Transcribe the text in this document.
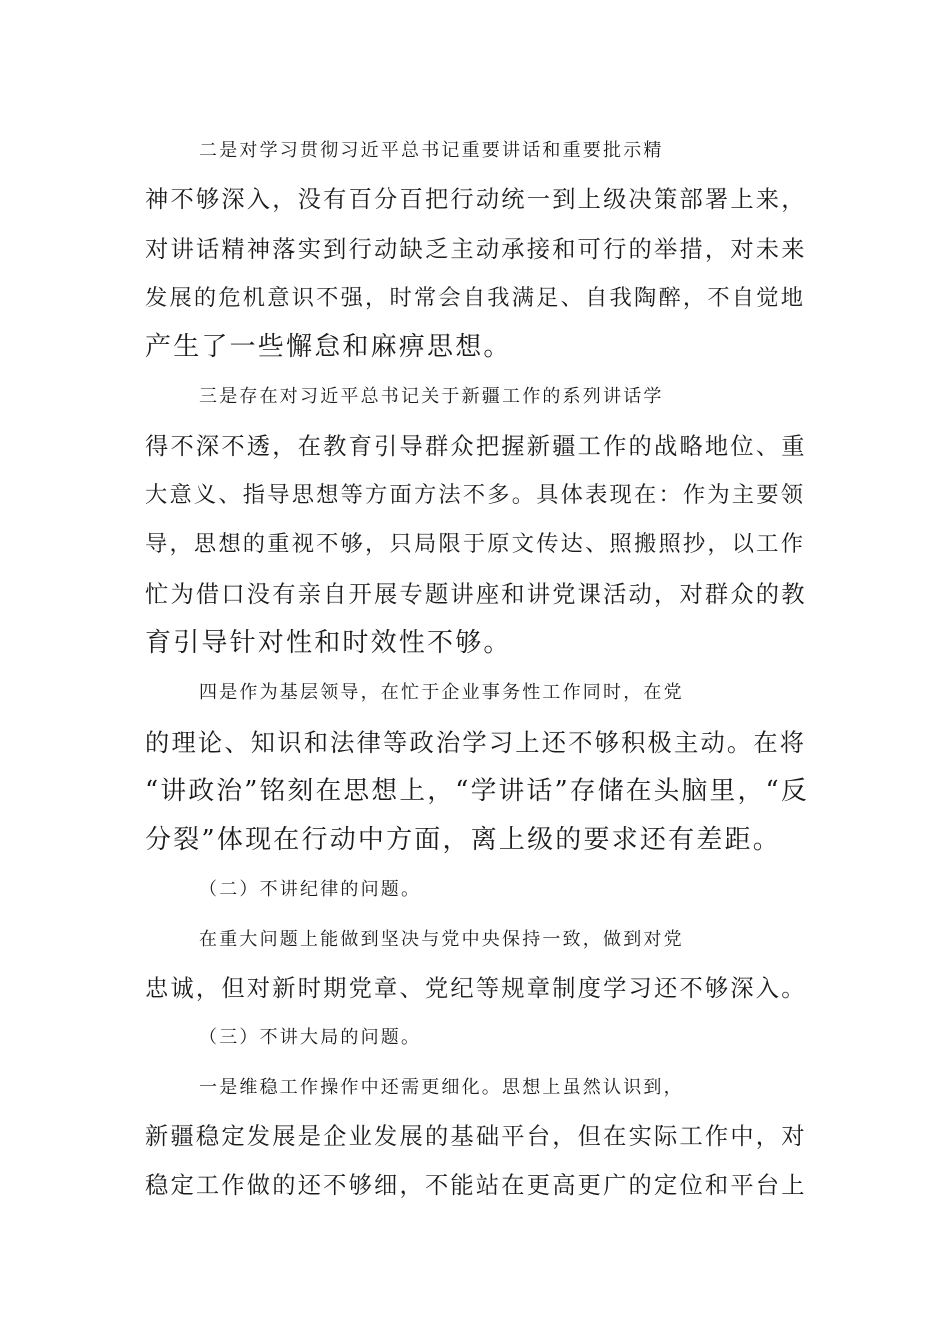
二是对学习贯彻习近平总书记重要讲话和重要批示精
神不够深入，没有百分百把行动统一到上级决策部署上来，
对讲话精神落实到行动缺乏主动承接和可行的举措，对未来
发展的危机意识不强，时常会自我满足、自我陶醉，不自觉地
产生了一些懈怠和麻痹思想。

三是存在对习近平总书记关于新疆工作的系列讲话学
得不深不透，在教育引导群众把握新疆工作的战略地位、重
大意义、指导思想等方面方法不多。具体表现在：作为主要领
导，思想的重视不够，只局限于原文传达、照搬照抄，以工作
忙为借口没有亲自开展专题讲座和讲党课活动，对群众的教
育引导针对性和时效性不够。

四是作为基层领导，在忙于企业事务性工作同时，在党
的理论、知识和法律等政治学习上还不够积极主动。在将
“讲政治”铭刻在思想上，“学讲话”存储在头脑里，“反
分裂”体现在行动中方面，离上级的要求还有差距。

（二）不讲纪律的问题。

在重大问题上能做到坚决与党中央保持一致，做到对党
忠诚，但对新时期党章、党纪等规章制度学习还不够深入。

（三）不讲大局的问题。

一是维稳工作操作中还需更细化。思想上虽然认识到，
新疆稳定发展是企业发展的基础平台，但在实际工作中，对
稳定工作做的还不够细，不能站在更高更广的定位和平台上
